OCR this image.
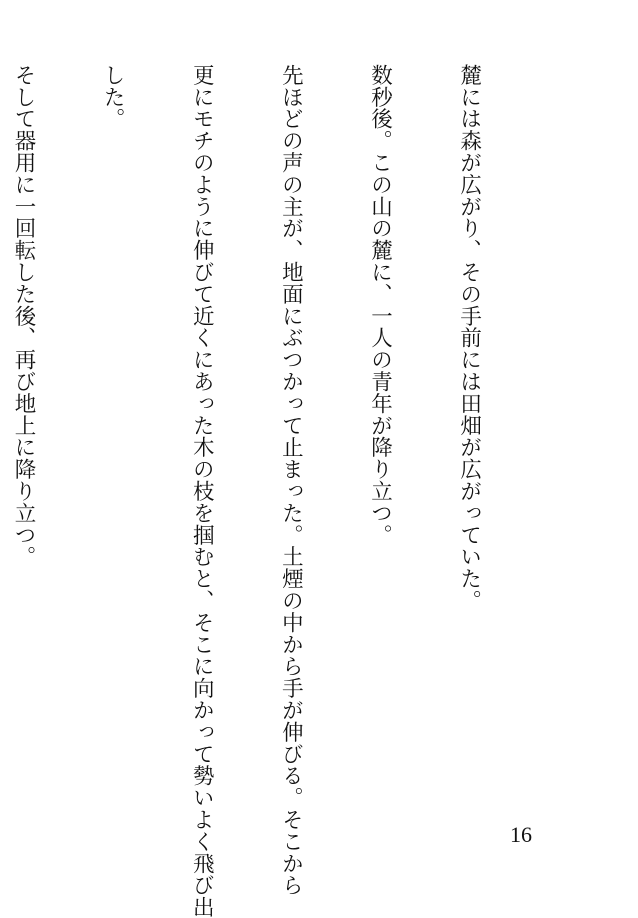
麓には森が広がり、その手前には田畑が広がっていた。

数秒後。この山の麓に、一人の青年が降り立つ。

先ほどの声の主が、地面にぶつかって止まった。土煙の中から手が伸びる。そこから

更にモチのように伸びて近くにあった木の枝を掴むと、そこに向かって勢いよく飛び出

した。

そして器用に一回転した後、再び地上に降り立つ。

16
